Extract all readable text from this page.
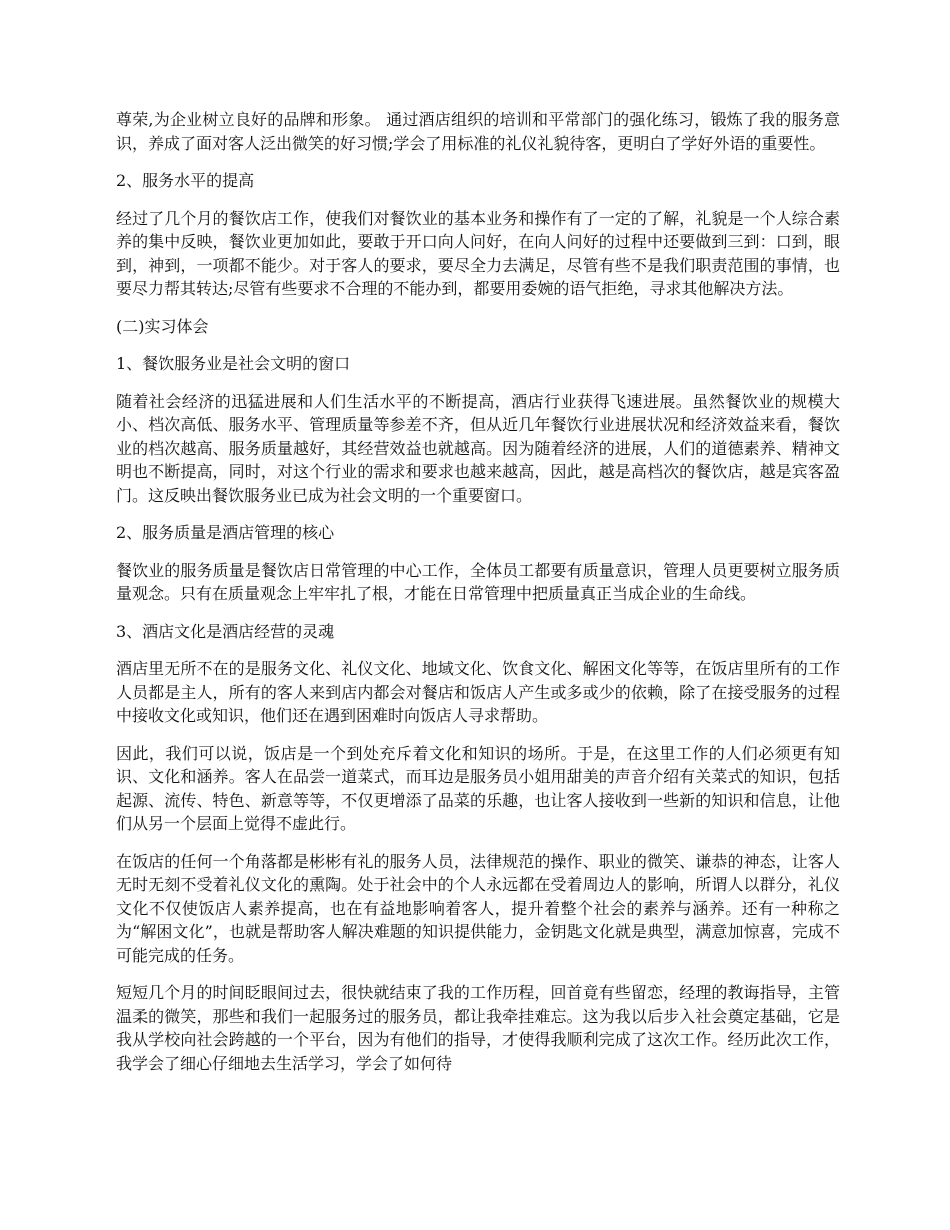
尊荣,为企业树立良好的品牌和形象。 通过酒店组织的培训和平常部门的强化练习，锻炼了我的服务意识，养成了面对客人泛出微笑的好习惯;学会了用标准的礼仪礼貌待客，更明白了学好外语的重要性。

2、服务水平的提高

经过了几个月的餐饮店工作，使我们对餐饮业的基本业务和操作有了一定的了解，礼貌是一个人综合素养的集中反映，餐饮业更加如此，要敢于开口向人问好，在向人问好的过程中还要做到三到：口到，眼到，神到，一项都不能少。对于客人的要求，要尽全力去满足，尽管有些不是我们职责范围的事情，也要尽力帮其转达;尽管有些要求不合理的不能办到，都要用委婉的语气拒绝，寻求其他解决方法。

(二)实习体会

1、餐饮服务业是社会文明的窗口

随着社会经济的迅猛进展和人们生活水平的不断提高，酒店行业获得飞速进展。虽然餐饮业的规模大小、档次高低、服务水平、管理质量等参差不齐，但从近几年餐饮行业进展状况和经济效益来看，餐饮业的档次越高、服务质量越好，其经营效益也就越高。因为随着经济的进展，人们的道德素养、精神文明也不断提高，同时，对这个行业的需求和要求也越来越高，因此，越是高档次的餐饮店，越是宾客盈门。这反映出餐饮服务业已成为社会文明的一个重要窗口。

2、服务质量是酒店管理的核心

餐饮业的服务质量是餐饮店日常管理的中心工作，全体员工都要有质量意识，管理人员更要树立服务质量观念。只有在质量观念上牢牢扎了根，才能在日常管理中把质量真正当成企业的生命线。

3、酒店文化是酒店经营的灵魂

酒店里无所不在的是服务文化、礼仪文化、地域文化、饮食文化、解困文化等等，在饭店里所有的工作人员都是主人，所有的客人来到店内都会对餐店和饭店人产生或多或少的依赖，除了在接受服务的过程中接收文化或知识，他们还在遇到困难时向饭店人寻求帮助。

因此，我们可以说，饭店是一个到处充斥着文化和知识的场所。于是，在这里工作的人们必须更有知识、文化和涵养。客人在品尝一道菜式，而耳边是服务员小姐用甜美的声音介绍有关菜式的知识，包括起源、流传、特色、新意等等，不仅更增添了品菜的乐趣，也让客人接收到一些新的知识和信息，让他们从另一个层面上觉得不虚此行。

在饭店的任何一个角落都是彬彬有礼的服务人员，法律规范的操作、职业的微笑、谦恭的神态，让客人无时无刻不受着礼仪文化的熏陶。处于社会中的个人永远都在受着周边人的影响，所谓人以群分，礼仪文化不仅使饭店人素养提高，也在有益地影响着客人，提升着整个社会的素养与涵养。还有一种称之为“解困文化”，也就是帮助客人解决难题的知识提供能力，金钥匙文化就是典型，满意加惊喜，完成不可能完成的任务。

短短几个月的时间眨眼间过去，很快就结束了我的工作历程，回首竟有些留恋，经理的教诲指导，主管温柔的微笑，那些和我们一起服务过的服务员，都让我牵挂难忘。这为我以后步入社会奠定基础，它是我从学校向社会跨越的一个平台，因为有他们的指导，才使得我顺利完成了这次工作。经历此次工作，我学会了细心仔细地去生活学习，学会了如何待
